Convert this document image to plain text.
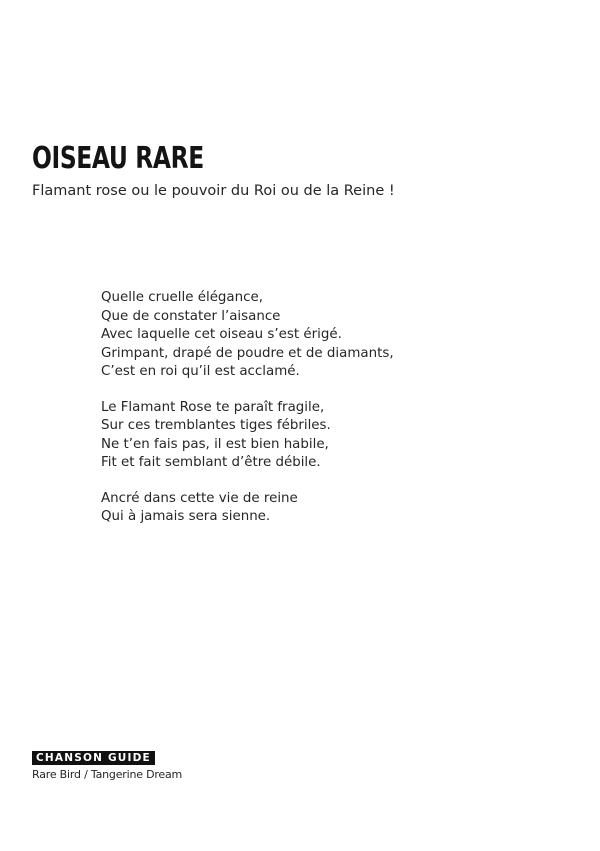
OISEAU RARE

Flamant rose ou le pouvoir du Roi ou de la Reine !

Quelle cruelle élégance,
Que de constater l’aisance
Avec laquelle cet oiseau s’est érigé.
Grimpant, drapé de poudre et de diamants,
C’est en roi qu’il est acclamé.

Le Flamant Rose te paraît fragile,
Sur ces tremblantes tiges fébriles.
Ne t’en fais pas, il est bien habile,
Fit et fait semblant d’être débile.

Ancré dans cette vie de reine
Qui à jamais sera sienne.

CHANSON GUIDE
Rare Bird / Tangerine Dream
